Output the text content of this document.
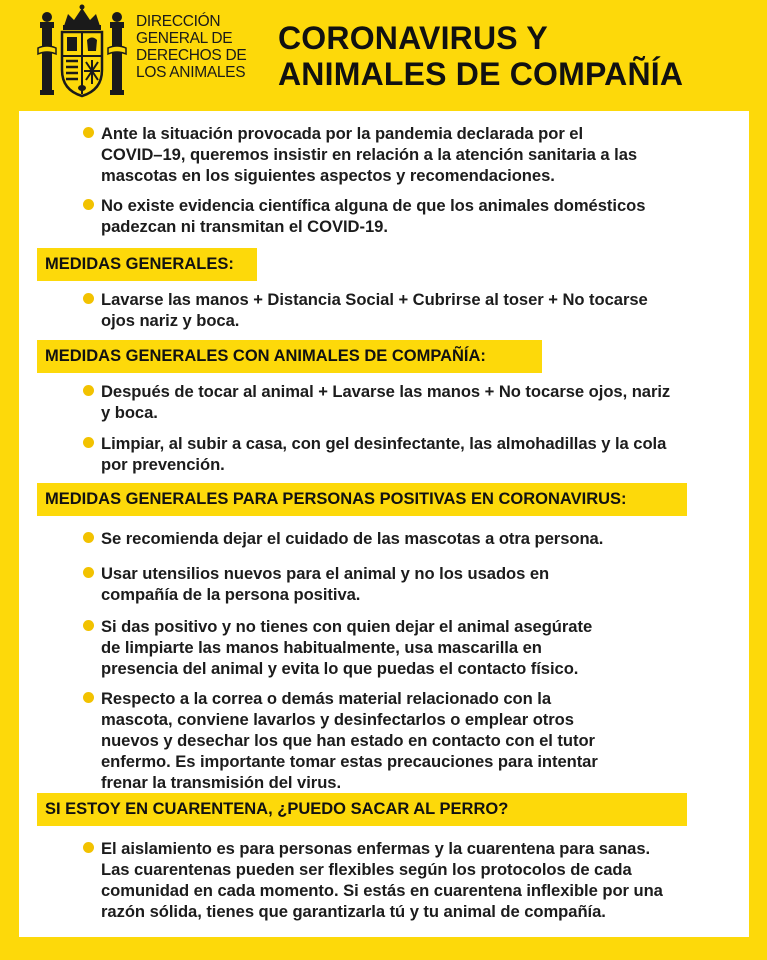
DIRECCIÓN
GENERAL DE
DERECHOS DE
LOS ANIMALES
CORONAVIRUS Y
ANIMALES DE COMPAÑÍA
Ante la situación provocada por la pandemia declarada por el
COVID–19, queremos insistir en relación a la atención sanitaria a las
mascotas en los siguientes aspectos y recomendaciones.
No existe evidencia científica alguna de que los animales domésticos
padezcan ni transmitan el COVID-19.
MEDIDAS GENERALES:
Lavarse las manos + Distancia Social + Cubrirse al toser + No tocarse
ojos nariz y boca.
MEDIDAS GENERALES CON ANIMALES DE COMPAÑÍA:
Después de tocar al animal + Lavarse las manos + No tocarse ojos, nariz
y boca.
Limpiar, al subir a casa, con gel desinfectante, las almohadillas y la cola
por prevención.
MEDIDAS GENERALES PARA PERSONAS POSITIVAS EN CORONAVIRUS:
Se recomienda dejar el cuidado de las mascotas a otra persona.
Usar utensilios nuevos para el animal y no los usados en
compañía de la persona positiva.
Si das positivo y no tienes con quien dejar el animal asegúrate
de limpiarte las manos habitualmente, usa mascarilla en
presencia del animal y evita lo que puedas el contacto físico.
Respecto a la correa o demás material relacionado con la
mascota, conviene lavarlos y desinfectarlos o emplear otros
nuevos y desechar los que han estado en contacto con el tutor
enfermo. Es importante tomar estas precauciones para intentar
frenar la transmisión del virus.
SI ESTOY EN CUARENTENA, ¿PUEDO SACAR AL PERRO?
El aislamiento es para personas enfermas y la cuarentena para sanas.
Las cuarentenas pueden ser flexibles según los protocolos de cada
comunidad en cada momento. Si estás en cuarentena inflexible por una
razón sólida, tienes que garantizarla tú y tu animal de compañía.
